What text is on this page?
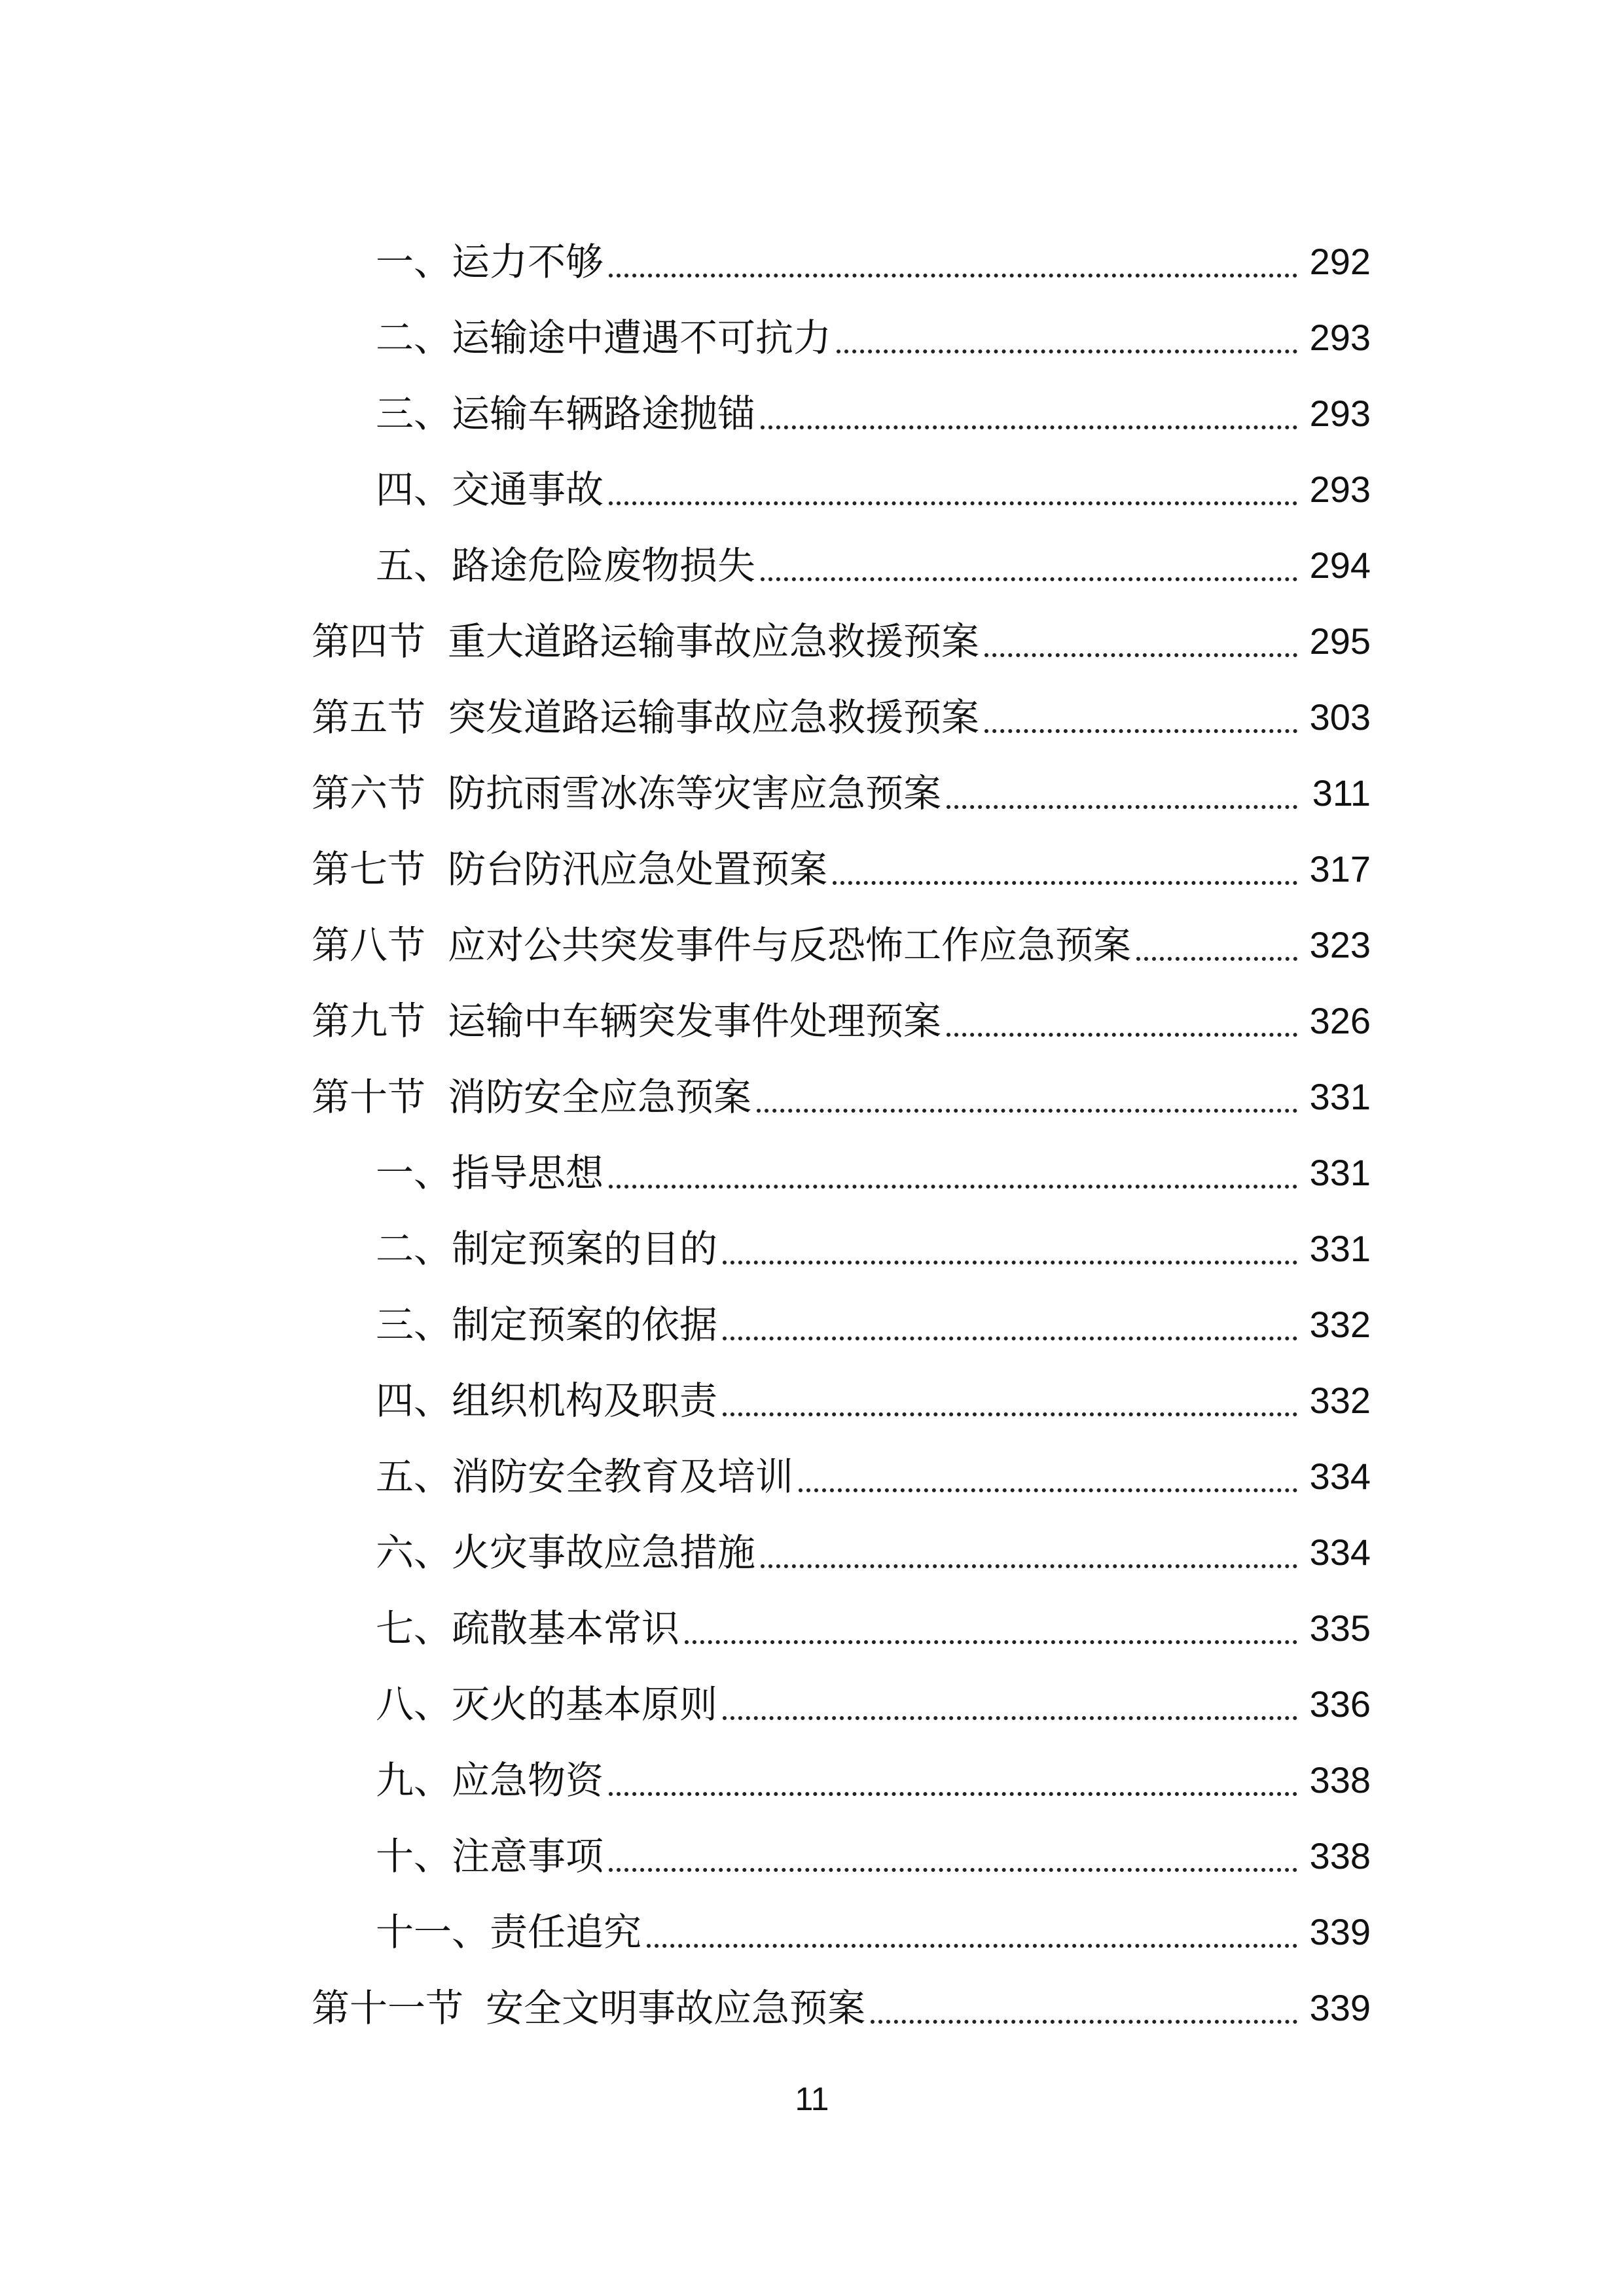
一、运力不够	292
二、运输途中遭遇不可抗力	293
三、运输车辆路途抛锚	293
四、交通事故	293
五、路途危险废物损失	294
第四节 重大道路运输事故应急救援预案	295
第五节 突发道路运输事故应急救援预案	303
第六节 防抗雨雪冰冻等灾害应急预案	311
第七节 防台防汛应急处置预案	317
第八节 应对公共突发事件与反恐怖工作应急预案	323
第九节 运输中车辆突发事件处理预案	326
第十节 消防安全应急预案	331
一、指导思想	331
二、制定预案的目的	331
三、制定预案的依据	332
四、组织机构及职责	332
五、消防安全教育及培训	334
六、火灾事故应急措施	334
七、疏散基本常识	335
八、灭火的基本原则	336
九、应急物资	338
十、注意事项	338
十一、责任追究	339
第十一节 安全文明事故应急预案	339
11
